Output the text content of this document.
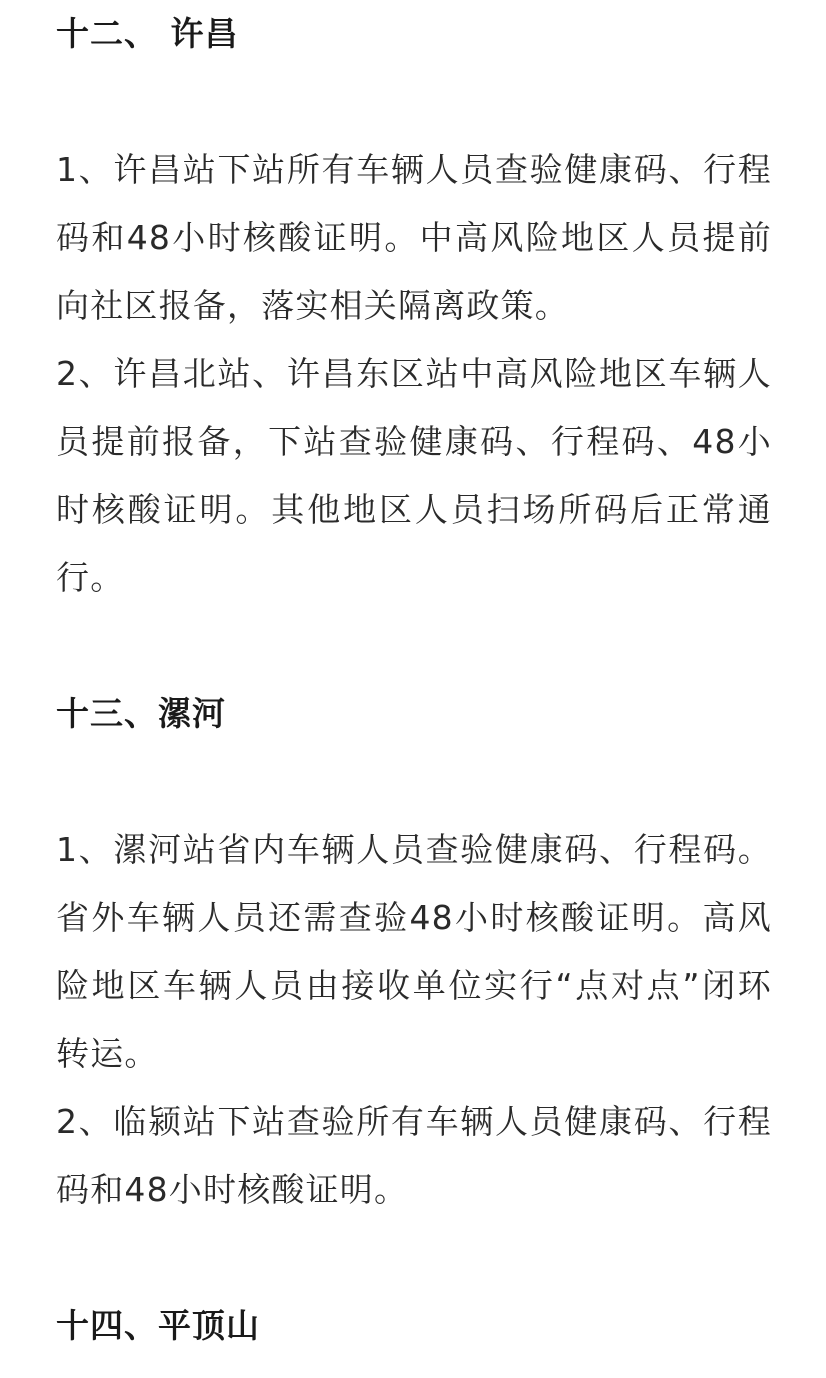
十二、 许昌
1、许昌站下站所有车辆人员查验健康码、行程码和48小时核酸证明。中高风险地区人员提前向社区报备，落实相关隔离政策。
2、许昌北站、许昌东区站中高风险地区车辆人员提前报备，下站查验健康码、行程码、48小时核酸证明。其他地区人员扫场所码后正常通行。
十三、漯河
1、漯河站省内车辆人员查验健康码、行程码。省外车辆人员还需查验48小时核酸证明。高风险地区车辆人员由接收单位实行“点对点”闭环转运。
2、临颍站下站查验所有车辆人员健康码、行程码和48小时核酸证明。
十四、平顶山
